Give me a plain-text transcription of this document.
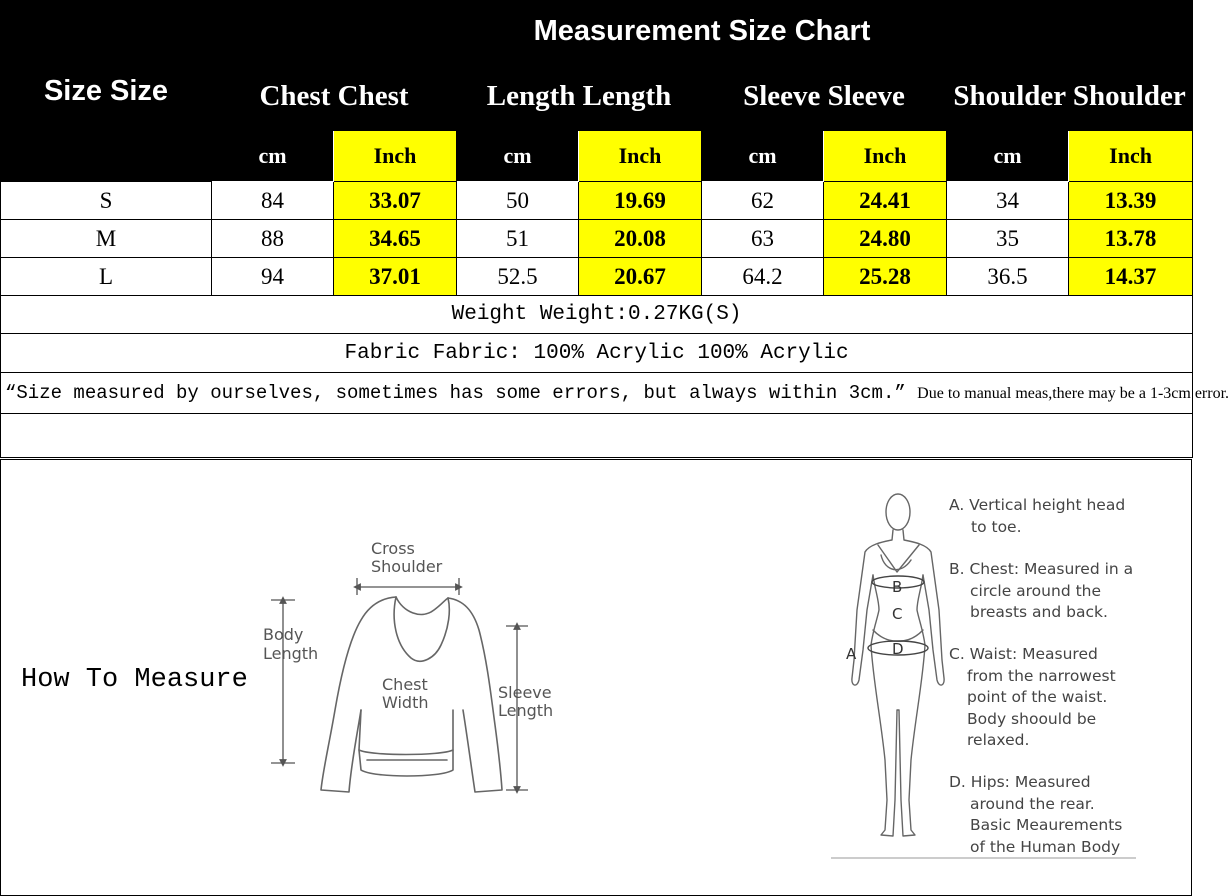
Size Size	Measurement Size Chart							
	Chest Chest		Length Length		Sleeve Sleeve		Shoulder Shoulder	
	cm	Inch	cm	Inch	cm	Inch	cm	Inch
S	84	33.07	50	19.69	62	24.41	34	13.39
M	88	34.65	51	20.08	63	24.80	35	13.78
L	94	37.01	52.5	20.67	64.2	25.28	36.5	14.37
Weight Weight:0.27KG(S)								
Fabric Fabric: 100% Acrylic 100% Acrylic								
“Size measured by ourselves, sometimes has some errors, but always within 3cm.” Due to manual meas,there may be a 1-3cm error.								

How To Measure
Cross
Shoulder
Body
Length
Chest
Width
Sleeve
Length
A
B
C
D
A. Vertical height head
to toe.
B. Chest: Measured in a
circle around the
breasts and back.
C. Waist: Measured
from the narrowest
point of the waist.
Body shoould be
relaxed.
D. Hips: Measured
around the rear.
Basic Meaurements
of the Human Body
